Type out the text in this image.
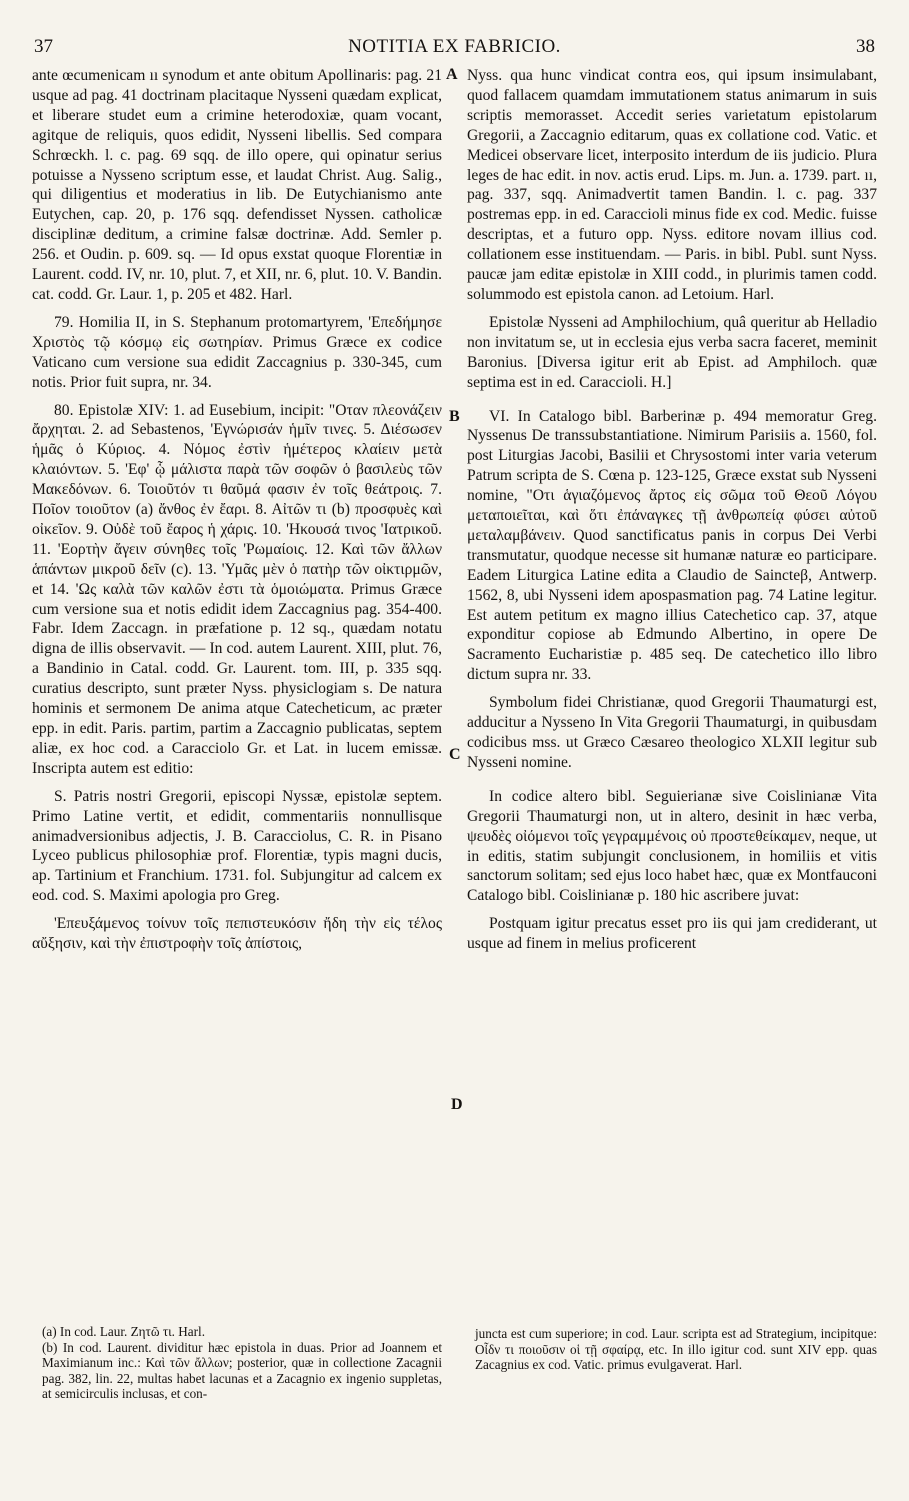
37	NOTITIA EX FABRICIO.	38

ante œcumenicam ıı synodum et ante obitum Apollinaris: pag. 21 usque ad pag. 41 doctrinam placitaque Nysseni quædam explicat, et liberare studet eum a crimine heterodoxiæ, quam vocant, agitque de reliquis, quos edidit, Nysseni libellis. Sed compara Schrœckh. l. c. pag. 69 sqq. de illo opere, qui opinatur serius potuisse a Nysseno scriptum esse, et laudat Christ. Aug. Salig., qui diligentius et moderatius in lib. De Eutychianismo ante Eutychen, cap. 20, p. 176 sqq. defendisset Nyssen. catholicæ disciplinæ deditum, a crimine falsæ doctrinæ. Add. Semler p. 256. et Oudin. p. 609. sq. — Id opus exstat quoque Florentiæ in Laurent. codd. IV, nr. 10, plut. 7, et XII, nr. 6, plut. 10. V. Bandin. cat. codd. Gr. Laur. 1, p. 205 et 482. Harl.

79. Homilia II, in S. Stephanum protomartyrem, 'Επεδήμησε Χριστὸς τῷ κόσμῳ εἰς σωτηρίαν. Primus Græce ex codice Vaticano cum versione sua edidit Zaccagnius p. 330-345, cum notis. Prior fuit supra, nr. 34.

80. Epistolæ XIV: 1. ad Eusebium, incipit: "Οταν πλεονάζειν ἄρχηται. 2. ad Sebastenos, 'Εγνώρισάν ἡμῖν τινες. 5. Διέσωσεν ἡμᾶς ὁ Κύριος. 4. Νόμος ἐστὶν ἡμέτερος κλαίειν μετὰ κλαιόντων. 5. 'Εφ' ᾧ μάλιστα παρὰ τῶν σοφῶν ὁ βασιλεὺς τῶν Μακεδόνων. 6. Τοιοῦτόν τι θαῦμά φασιν ἐν τοῖς θεάτροις. 7. Ποῖον τοιοῦτον (a) ἄνθος ἐν ἔαρι. 8. Αἰτῶν τι (b) προσφυὲς καὶ οἰκεῖον. 9. Οὐδὲ τοῦ ἔαρος ἡ χάρις. 10. 'Ηκουσά τινος 'Ιατρικοῦ. 11. 'Εορτὴν ἄγειν σύνηθες τοῖς 'Ρωμαίοις. 12. Καὶ τῶν ἄλλων ἁπάντων μικροῦ δεῖν (c). 13. 'Υμᾶς μὲν ὁ πατὴρ τῶν οἰκτιρμῶν, et 14. 'Ως καλὰ τῶν καλῶν ἐστι τὰ ὁμοιώματα. Primus Græce cum versione sua et notis edidit idem Zaccagnius pag. 354-400. Fabr. Idem Zaccagn. in præfatione p. 12 sq., quædam notatu digna de illis observavit. — In cod. autem Laurent. XIII, plut. 76, a Bandinio in Catal. codd. Gr. Laurent. tom. III, p. 335 sqq. curatius descripto, sunt præter Nyss. physiclogiam s. De natura hominis et sermonem De anima atque Catecheticum, ac præter epp. in edit. Paris. partim, partim a Zaccagnio publicatas, septem aliæ, ex hoc cod. a Caracciolo Gr. et Lat. in lucem emissæ. Inscripta autem est editio:

S. Patris nostri Gregorii, episcopi Nyssæ, epistolæ septem. Primo Latine vertit, et edidit, commentariis nonnullisque animadversionibus adjectis, J. B. Caracciolus, C. R. in Pisano Lyceo publicus philosophiæ prof. Florentiæ, typis magni ducis, ap. Tartinium et Franchium. 1731. fol. Subjungitur ad calcem ex eod. cod. S. Maximi apologia pro Greg.

'Επευξάμενος τοίνυν τοῖς πεπιστευκόσιν ἤδη τὴν εἰς τέλος αὔξησιν, καὶ τὴν ἐπιστροφὴν τοῖς ἀπίστοις,

Nyss. qua hunc vindicat contra eos, qui ipsum insimulabant, quod fallacem quamdam immutationem status animarum in suis scriptis memorasset. Accedit series varietatum epistolarum Gregorii, a Zaccagnio editarum, quas ex collatione cod. Vatic. et Medicei observare licet, interposito interdum de iis judicio. Plura leges de hac edit. in nov. actis erud. Lips. m. Jun. a. 1739. part. ıı, pag. 337, sqq. Animadvertit tamen Bandin. l. c. pag. 337 postremas epp. in ed. Caraccioli minus fide ex cod. Medic. fuisse descriptas, et a futuro opp. Nyss. editore novam illius cod. collationem esse instituendam. — Paris. in bibl. Publ. sunt Nyss. paucæ jam editæ epistolæ in XIII codd., in plurimis tamen codd. solummodo est epistola canon. ad Letoium. Harl.

Epistolæ Nysseni ad Amphilochium, quâ queritur ab Helladio non invitatum se, ut in ecclesia ejus verba sacra faceret, meminit Baronius. [Diversa igitur erit ab Epist. ad Amphiloch. quæ septima est in ed. Caraccioli. H.]

VI. In Catalogo bibl. Barberinæ p. 494 memoratur Greg. Nyssenus De transsubstantiatione. Nimirum Parisiis a. 1560, fol. post Liturgias Jacobi, Basilii et Chrysostomi inter varia veterum Patrum scripta de S. Cœna p. 123-125, Græce exstat sub Nysseni nomine, "Οτι ἁγιαζόμενος ἄρτος εἰς σῶμα τοῦ Θεοῦ Λόγου μεταποιεῖται, καὶ ὅτι ἐπάναγκες τῇ ἀνθρωπείᾳ φύσει αὐτοῦ μεταλαμβάνειν. Quod sanctificatus panis in corpus Dei Verbi transmutatur, quodque necesse sit humanæ naturæ eo participare. Eadem Liturgica Latine edita a Claudio de Saincteβ, Antwerp. 1562, 8, ubi Nysseni idem apospasmation pag. 74 Latine legitur. Est autem petitum ex magno illius Catechetico cap. 37, atque exponditur copiose ab Edmundo Albertino, in opere De Sacramento Eucharistiæ p. 485 seq. De catechetico illo libro dictum supra nr. 33.

Symbolum fidei Christianæ, quod Gregorii Thaumaturgi est, adducitur a Nysseno In Vita Gregorii Thaumaturgi, in quibusdam codicibus mss. ut Græco Cæsareo theologico XLXII legitur sub Nysseni nomine.

In codice altero bibl. Seguierianæ sive Coislinianæ Vita Gregorii Thaumaturgi non, ut in altero, desinit in hæc verba, ψευδὲς οἰόμενοι τοῖς γεγραμμένοις οὐ προστεθείκαμεν, neque, ut in editis, statim subjungit conclusionem, in homiliis et vitis sanctorum solitam; sed ejus loco habet hæc, quæ ex Montfauconi Catalogo bibl. Coislinianæ p. 180 hic ascribere juvat:

Postquam igitur precatus esset pro iis qui jam crediderant, ut usque ad finem in melius proficerent

(a) In cod. Laur. Ζητῶ τι. Harl.

(b) In cod. Laurent. dividitur hæc epistola in duas. Prior ad Joannem et Maximianum inc.: Καὶ τῶν ἄλλων; posterior, quæ in collectione Zacagnii pag. 382, lin. 22, multas habet lacunas et a Zacagnio ex ingenio suppletas, at semicirculis inclusas, et con-

juncta est cum superiore; in cod. Laur. scripta est ad Strategium, incipitque: Οἶδν τι ποιοῦσιν οἱ τῇ σφαίρᾳ, etc. In illo igitur cod. sunt XIV epp. quas Zacagnius ex cod. Vatic. primus evulgaverat. Harl.

A
B
C
D
